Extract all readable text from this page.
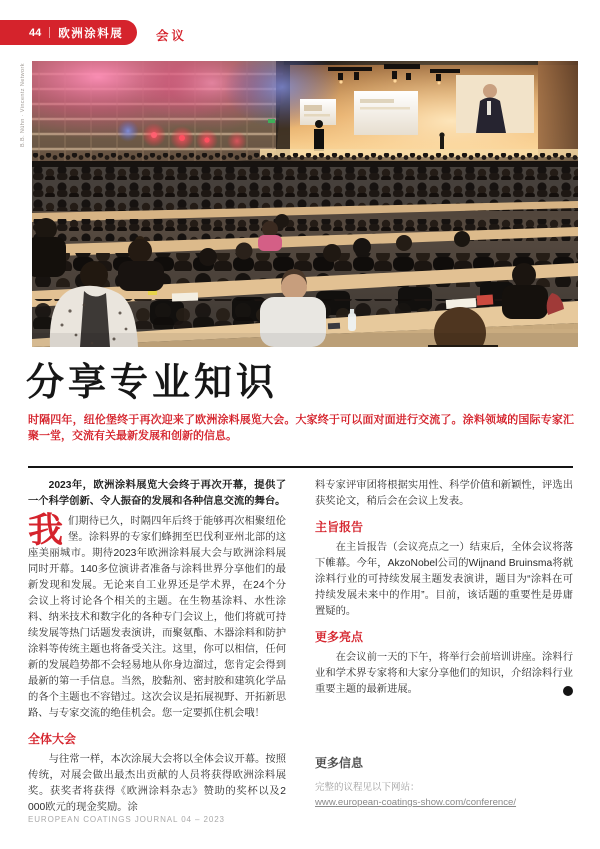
44 欧洲涂料展	会议
B.B. Nühn · Vincentz Network
分享专业知识

时隔四年，纽伦堡终于再次迎来了欧洲涂料展览大会。大家终于可以面对面进行交流了。涂料领域的国际专家汇聚一堂，交流有关最新发展和创新的信息。

2023年，欧洲涂料展览大会终于再次开幕，提供了一个科学创新、令人振奋的发展和各种信息交流的舞台。

我们期待已久，时隔四年后终于能够再次相聚纽伦堡。涂料界的专家们蜂拥至巴伐利亚州北部的这座美丽城市。期待2023年欧洲涂料展大会与欧洲涂料展同时开幕。140多位演讲者准备与涂料世界分享他们的最新发现和发展。无论来自工业界还是学术界，在24个分会议上将讨论各个相关的主题。在生物基涂料、水性涂料、纳米技术和数字化的各种专门会议上，他们将就可持续发展等热门话题发表演讲，而聚氨酯、木器涂料和防护涂料等传统主题也将备受关注。这里，你可以相信，任何新的发展趋势都不会轻易地从你身边溜过，您肯定会得到最新的第一手信息。当然，胶黏剂、密封胶和建筑化学品的各个主题也不容错过。这次会议是拓展视野、开拓新思路、与专家交流的绝佳机会。您一定要抓住机会哦！

全体大会

与往常一样，本次涂展大会将以全体会议开幕。按照传统，对展会做出最杰出贡献的人员将获得欧洲涂料展奖。获奖者将获得《欧洲涂料杂志》赞助的奖杯以及2 000欧元的现金奖励。涂

料专家评审团将根据实用性、科学价值和新颖性，评选出获奖论文，稍后会在会议上发表。

主旨报告

在主旨报告（会议亮点之一）结束后，全体会议将落下帷幕。今年，AkzoNobel公司的Wijnand Bruinsma将就涂料行业的可持续发展主题发表演讲，题目为“涂料在可持续发展未来中的作用”。目前，该话题的重要性是毋庸置疑的。

更多亮点

在会议前一天的下午，将举行会前培训讲座。涂料行业和学术界专家将和大家分享他们的知识，介绍涂料行业重要主题的最新进展。	‹

更多信息

完整的议程见以下网站：

www.european-coatings-show.com/conference/
EUROPEAN COATINGS JOURNAL 04 – 2023
